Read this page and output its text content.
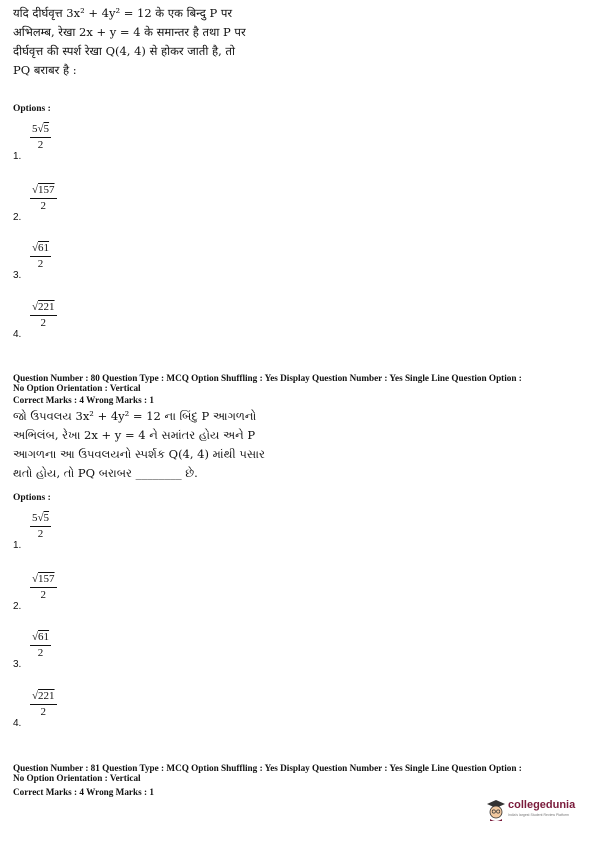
यदि दीर्घवृत्त 3x² + 4y² = 12 के एक बिन्दु P पर
अभिलम्ब, रेखा 2x + y = 4 के समान्तर है तथा P पर
दीर्घवृत्त की स्पर्श रेखा Q(4, 4) से होकर जाती है, तो
PQ बराबर है :
Options :
$\frac{5√5}{2}$
1.
$\frac{√157}{2}$
2.
$\frac{√61}{2}$
3.
$\frac{√221}{2}$
4.
Question Number : 80 Question Type : MCQ Option Shuffling : Yes Display Question Number : Yes Single Line Question Option :
No Option Orientation : Vertical
Correct Marks : 4 Wrong Marks : 1
જો ઉપવલય 3x² + 4y² = 12 ના બિંદુ P આગળનો
અભિલંબ, રેખા 2x + y = 4 ને સમાંતર હોય અને P
આગળના આ ઉપવલયનો સ્પર્શક Q(4, 4) માંથી પસાર
થતો હોય, તો PQ બરાબર ________ છે.
Options :
$\frac{5√5}{2}$
1.
$\frac{√157}{2}$
2.
$\frac{√61}{2}$
3.
$\frac{√221}{2}$
4.
Question Number : 81 Question Type : MCQ Option Shuffling : Yes Display Question Number : Yes Single Line Question Option :
No Option Orientation : Vertical
Correct Marks : 4 Wrong Marks : 1
collegedunia
India's largest Student Review Platform
